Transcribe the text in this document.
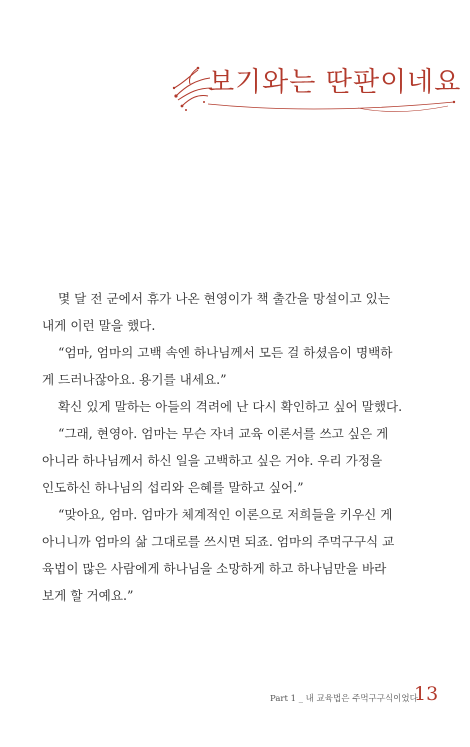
보기와는 딴판이네요
몇 달 전 군에서 휴가 나온 현영이가 책 출간을 망설이고 있는
내게 이런 말을 했다.
“엄마, 엄마의 고백 속엔 하나님께서 모든 걸 하셨음이 명백하
게 드러나잖아요. 용기를 내세요.”
확신 있게 말하는 아들의 격려에 난 다시 확인하고 싶어 말했다.
“그래, 현영아. 엄마는 무슨 자녀 교육 이론서를 쓰고 싶은 게
아니라 하나님께서 하신 일을 고백하고 싶은 거야. 우리 가정을
인도하신 하나님의 섭리와 은혜를 말하고 싶어.”
“맞아요, 엄마. 엄마가 체계적인 이론으로 저희들을 키우신 게
아니니까 엄마의 삶 그대로를 쓰시면 되죠. 엄마의 주먹구구식 교
육법이 많은 사람에게 하나님을 소망하게 하고 하나님만을 바라
보게 할 거예요.”
Part 1 _ 내 교육법은 주먹구구식이었다
13
